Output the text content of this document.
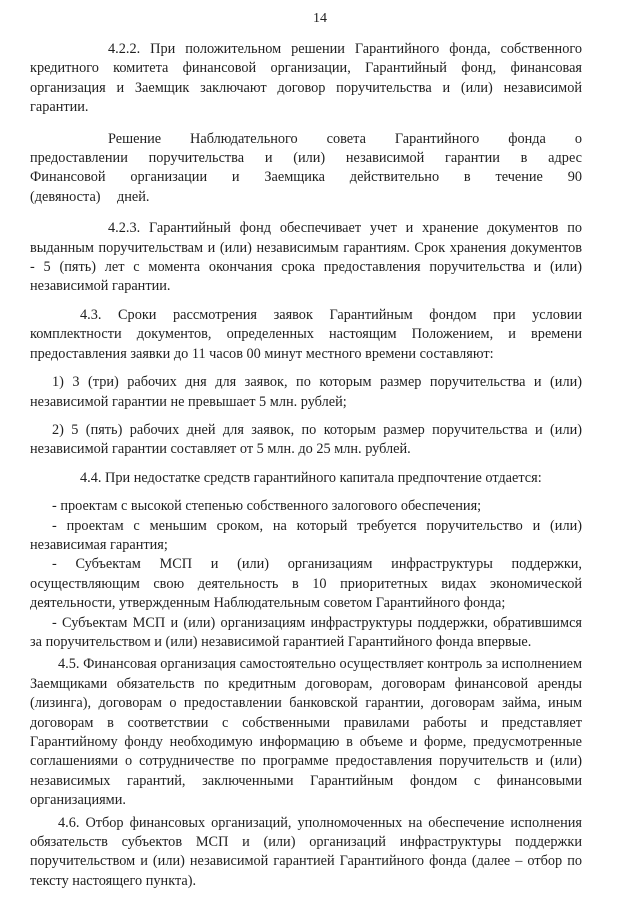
14

4.2.2. При положительном решении Гарантийного фонда, собственного кредитного комитета финансовой организации, Гарантийный фонд, финансовая организация и Заемщик заключают договор поручительства и (или) независимой гарантии.

Решение Наблюдательного совета Гарантийного фонда о предоставлении поручительства и (или) независимой гарантии в адрес Финансовой организации и Заемщика действительно в течение 90 (девяноста) дней.

4.2.3. Гарантийный фонд обеспечивает учет и хранение документов по выданным поручительствам и (или) независимым гарантиям. Срок хранения документов - 5 (пять) лет с момента окончания срока предоставления поручительства и (или) независимой гарантии.

4.3. Сроки рассмотрения заявок Гарантийным фондом при условии комплектности документов, определенных настоящим Положением, и времени предоставления заявки до 11 часов 00 минут местного времени составляют:

1) 3 (три) рабочих дня для заявок, по которым размер поручительства и (или) независимой гарантии не превышает 5 млн. рублей;

2) 5 (пять) рабочих дней для заявок, по которым размер поручительства и (или) независимой гарантии составляет от 5 млн. до 25 млн. рублей.

4.4. При недостатке средств гарантийного капитала предпочтение отдается:

- проектам с высокой степенью собственного залогового обеспечения;

- проектам с меньшим сроком, на который требуется поручительство и (или) независимая гарантия;

- Субъектам МСП и (или) организациям инфраструктуры поддержки, осуществляющим свою деятельность в 10 приоритетных видах экономической деятельности, утвержденным Наблюдательным советом Гарантийного фонда;

- Субъектам МСП и (или) организациям инфраструктуры поддержки, обратившимся за поручительством и (или) независимой гарантией Гарантийного фонда впервые.

4.5. Финансовая организация самостоятельно осуществляет контроль за исполнением Заемщиками обязательств по кредитным договорам, договорам финансовой аренды (лизинга), договорам о предоставлении банковской гарантии, договорам займа, иным договорам в соответствии с собственными правилами работы и представляет Гарантийному фонду необходимую информацию в объеме и форме, предусмотренные соглашениями о сотрудничестве по программе предоставления поручительств и (или) независимых гарантий, заключенными Гарантийным фондом с финансовыми организациями.

4.6. Отбор финансовых организаций, уполномоченных на обеспечение исполнения обязательств субъектов МСП и (или) организаций инфраструктуры поддержки поручительством и (или) независимой гарантией Гарантийного фонда (далее – отбор по тексту настоящего пункта).
